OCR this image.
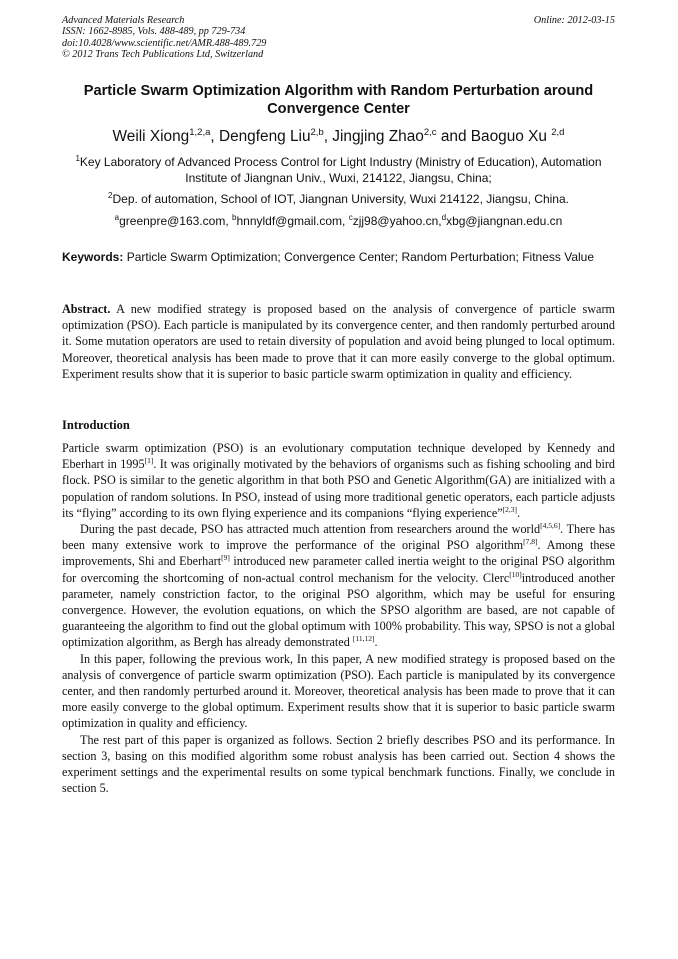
Advanced Materials Research
ISSN: 1662-8985, Vols. 488-489, pp 729-734
doi:10.4028/www.scientific.net/AMR.488-489.729
© 2012 Trans Tech Publications Ltd, Switzerland
Online: 2012-03-15
Particle Swarm Optimization Algorithm with Random Perturbation around Convergence Center
Weili Xiong$^{1,2,a}$, Dengfeng Liu$^{2,b}$, Jingjing Zhao$^{2,c}$ and Baoguo Xu $^{2,d}$
$^1$Key Laboratory of Advanced Process Control for Light Industry (Ministry of Education), Automation Institute of Jiangnan Univ., Wuxi, 214122, Jiangsu, China;
$^2$Dep. of automation, School of IOT, Jiangnan University, Wuxi 214122, Jiangsu, China.
$^a$greenpre@163.com, $^b$hnnyldf@gmail.com, $^c$zjj98@yahoo.cn,$^d$xbg@jiangnan.edu.cn
Keywords: Particle Swarm Optimization; Convergence Center; Random Perturbation; Fitness Value
Abstract. A new modified strategy is proposed based on the analysis of convergence of particle swarm optimization (PSO). Each particle is manipulated by its convergence center, and then randomly perturbed around it. Some mutation operators are used to retain diversity of population and avoid being plunged to local optimum. Moreover, theoretical analysis has been made to prove that it can more easily converge to the global optimum. Experiment results show that it is superior to basic particle swarm optimization in quality and efficiency.
Introduction

Particle swarm optimization (PSO) is an evolutionary computation technique developed by Kennedy and Eberhart in 1995[1]. It was originally motivated by the behaviors of organisms such as fishing schooling and bird flock. PSO is similar to the genetic algorithm in that both PSO and Genetic Algorithm(GA) are initialized with a population of random solutions. In PSO, instead of using more traditional genetic operators, each particle adjusts its “flying” according to its own flying experience and its companions “flying experience”[2,3].

During the past decade, PSO has attracted much attention from researchers around the world[4,5,6]. There has been many extensive work to improve the performance of the original PSO algorithm[7,8]. Among these improvements, Shi and Eberhart[9] introduced new parameter called inertia weight to the original PSO algorithm for overcoming the shortcoming of non-actual control mechanism for the velocity. Clerc[10]introduced another parameter, namely constriction factor, to the original PSO algorithm, which may be useful for ensuring convergence. However, the evolution equations, on which the SPSO algorithm are based, are not capable of guaranteeing the algorithm to find out the global optimum with 100% probability. This way, SPSO is not a global optimization algorithm, as Bergh has already demonstrated [11,12].

In this paper, following the previous work, In this paper, A new modified strategy is proposed based on the analysis of convergence of particle swarm optimization (PSO). Each particle is manipulated by its convergence center, and then randomly perturbed around it. Moreover, theoretical analysis has been made to prove that it can more easily converge to the global optimum. Experiment results show that it is superior to basic particle swarm optimization in quality and efficiency.

The rest part of this paper is organized as follows. Section 2 briefly describes PSO and its performance. In section 3, basing on this modified algorithm some robust analysis has been carried out. Section 4 shows the experiment settings and the experimental results on some typical benchmark functions. Finally, we conclude in section 5.
